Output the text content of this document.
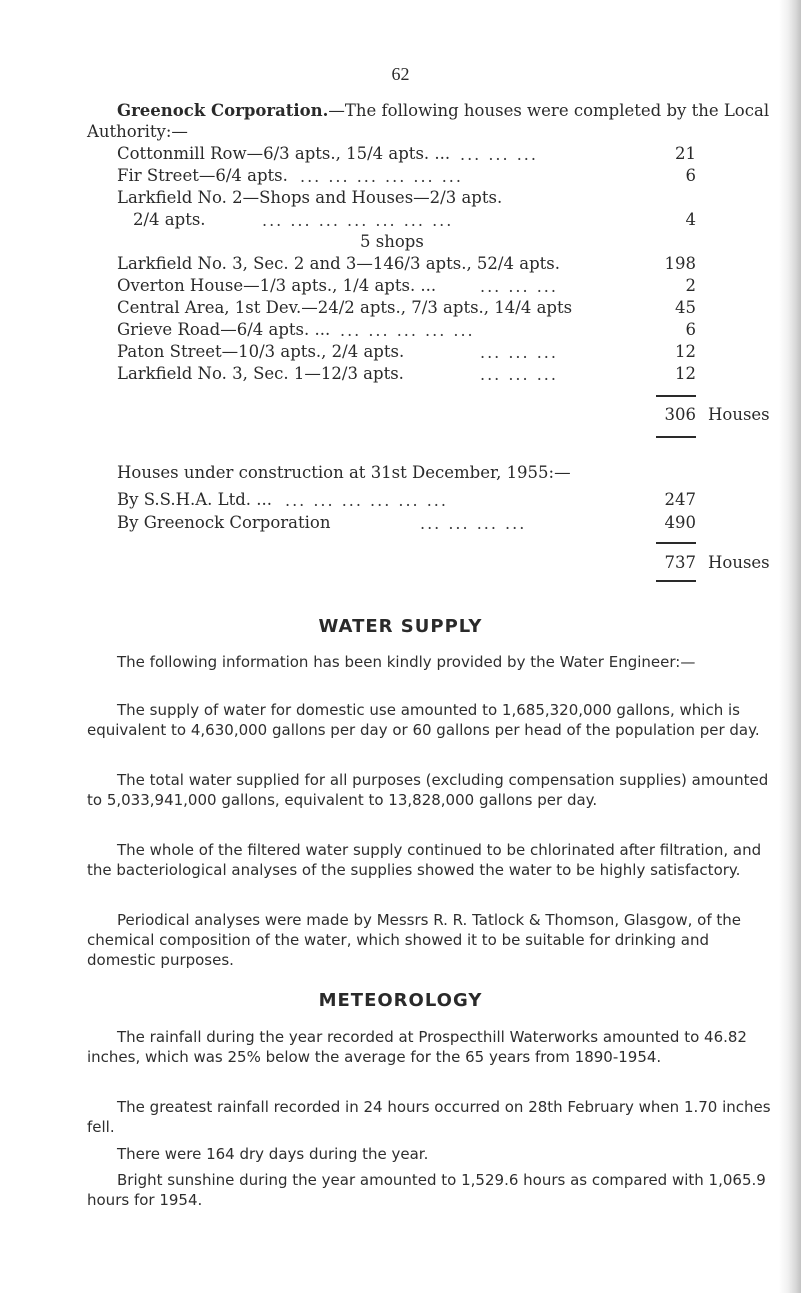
62

Greenock Corporation.—The following houses were completed by the Local Authority:—

Cottonmill Row—6/3 apts., 15/4 apts. ... ... ... ...	21
Fir Street—6/4 apts. ... ... ... ... ... ...	6
Larkfield No. 2—Shops and Houses—2/3 apts.
2/4 apts.	... ... ... ... ... ... ...	4
5 shops
Larkfield No. 3, Sec. 2 and 3—146/3 apts., 52/4 apts.	198
Overton House—1/3 apts., 1/4 apts. ...	... ... ...	2
Central Area, 1st Dev.—24/2 apts., 7/3 apts., 14/4 apts	45
Grieve Road—6/4 apts. ... ... ... ... ... ...	6
Paton Street—10/3 apts., 2/4 apts.	... ... ...	12
Larkfield No. 3, Sec. 1—12/3 apts.	... ... ...	12
306 Houses
Houses under construction at 31st December, 1955:—
By S.S.H.A. Ltd. ... ... ... ... ... ... ...	247
By Greenock Corporation	... ... ... ...	490
737 Houses
WATER SUPPLY

The following information has been kindly provided by the Water Engineer:—

The supply of water for domestic use amounted to 1,685,320,000 gallons, which is equivalent to 4,630,000 gallons per day or 60 gallons per head of the population per day.

The total water supplied for all purposes (excluding compensation supplies) amounted to 5,033,941,000 gallons, equivalent to 13,828,000 gallons per day.

The whole of the filtered water supply continued to be chlorinated after filtration, and the bacteriological analyses of the supplies showed the water to be highly satisfactory.

Periodical analyses were made by Messrs R. R. Tatlock & Thomson, Glasgow, of the chemical composition of the water, which showed it to be suitable for drinking and domestic purposes.

METEOROLOGY

The rainfall during the year recorded at Prospecthill Waterworks amounted to 46.82 inches, which was 25% below the average for the 65 years from 1890-1954.

The greatest rainfall recorded in 24 hours occurred on 28th February when 1.70 inches fell.

There were 164 dry days during the year.

Bright sunshine during the year amounted to 1,529.6 hours as compared with 1,065.9 hours for 1954.
